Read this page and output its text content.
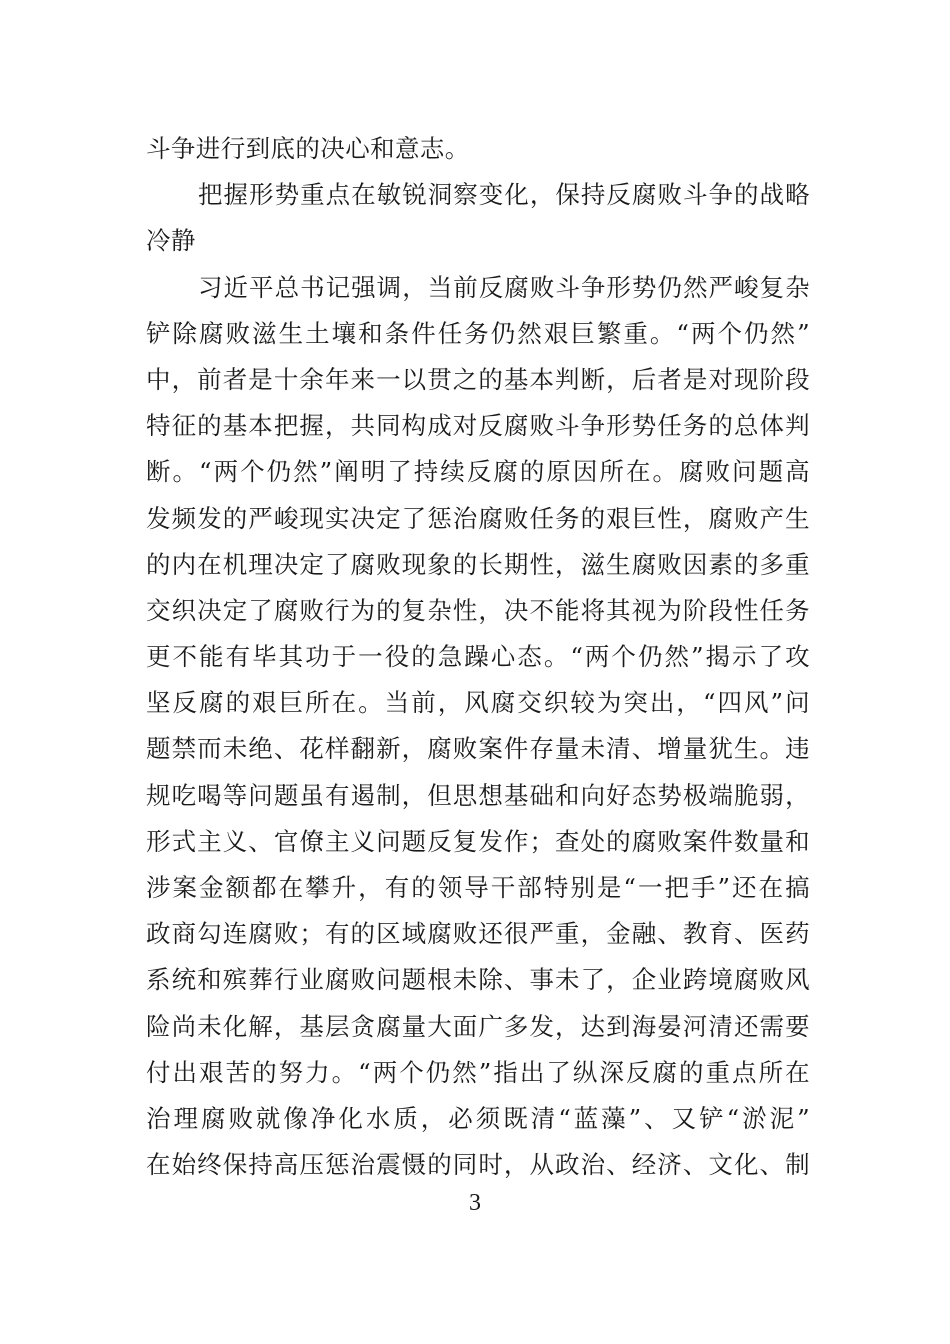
斗争进行到底的决心和意志。
把握形势重点在敏锐洞察变化，保持反腐败斗争的战略
冷静
习近平总书记强调，当前反腐败斗争形势仍然严峻复杂
铲除腐败滋生土壤和条件任务仍然艰巨繁重。“两个仍然”
中，前者是十余年来一以贯之的基本判断，后者是对现阶段
特征的基本把握，共同构成对反腐败斗争形势任务的总体判
断。“两个仍然”阐明了持续反腐的原因所在。腐败问题高
发频发的严峻现实决定了惩治腐败任务的艰巨性，腐败产生
的内在机理决定了腐败现象的长期性，滋生腐败因素的多重
交织决定了腐败行为的复杂性，决不能将其视为阶段性任务
更不能有毕其功于一役的急躁心态。“两个仍然”揭示了攻
坚反腐的艰巨所在。当前，风腐交织较为突出，“四风”问
题禁而未绝、花样翻新，腐败案件存量未清、增量犹生。违
规吃喝等问题虽有遏制，但思想基础和向好态势极端脆弱，
形式主义、官僚主义问题反复发作；查处的腐败案件数量和
涉案金额都在攀升，有的领导干部特别是“一把手”还在搞
政商勾连腐败；有的区域腐败还很严重，金融、教育、医药
系统和殡葬行业腐败问题根未除、事未了，企业跨境腐败风
险尚未化解，基层贪腐量大面广多发，达到海晏河清还需要
付出艰苦的努力。“两个仍然”指出了纵深反腐的重点所在
治理腐败就像净化水质，必须既清“蓝藻”、又铲“淤泥”
在始终保持高压惩治震慑的同时，从政治、经济、文化、制
3
